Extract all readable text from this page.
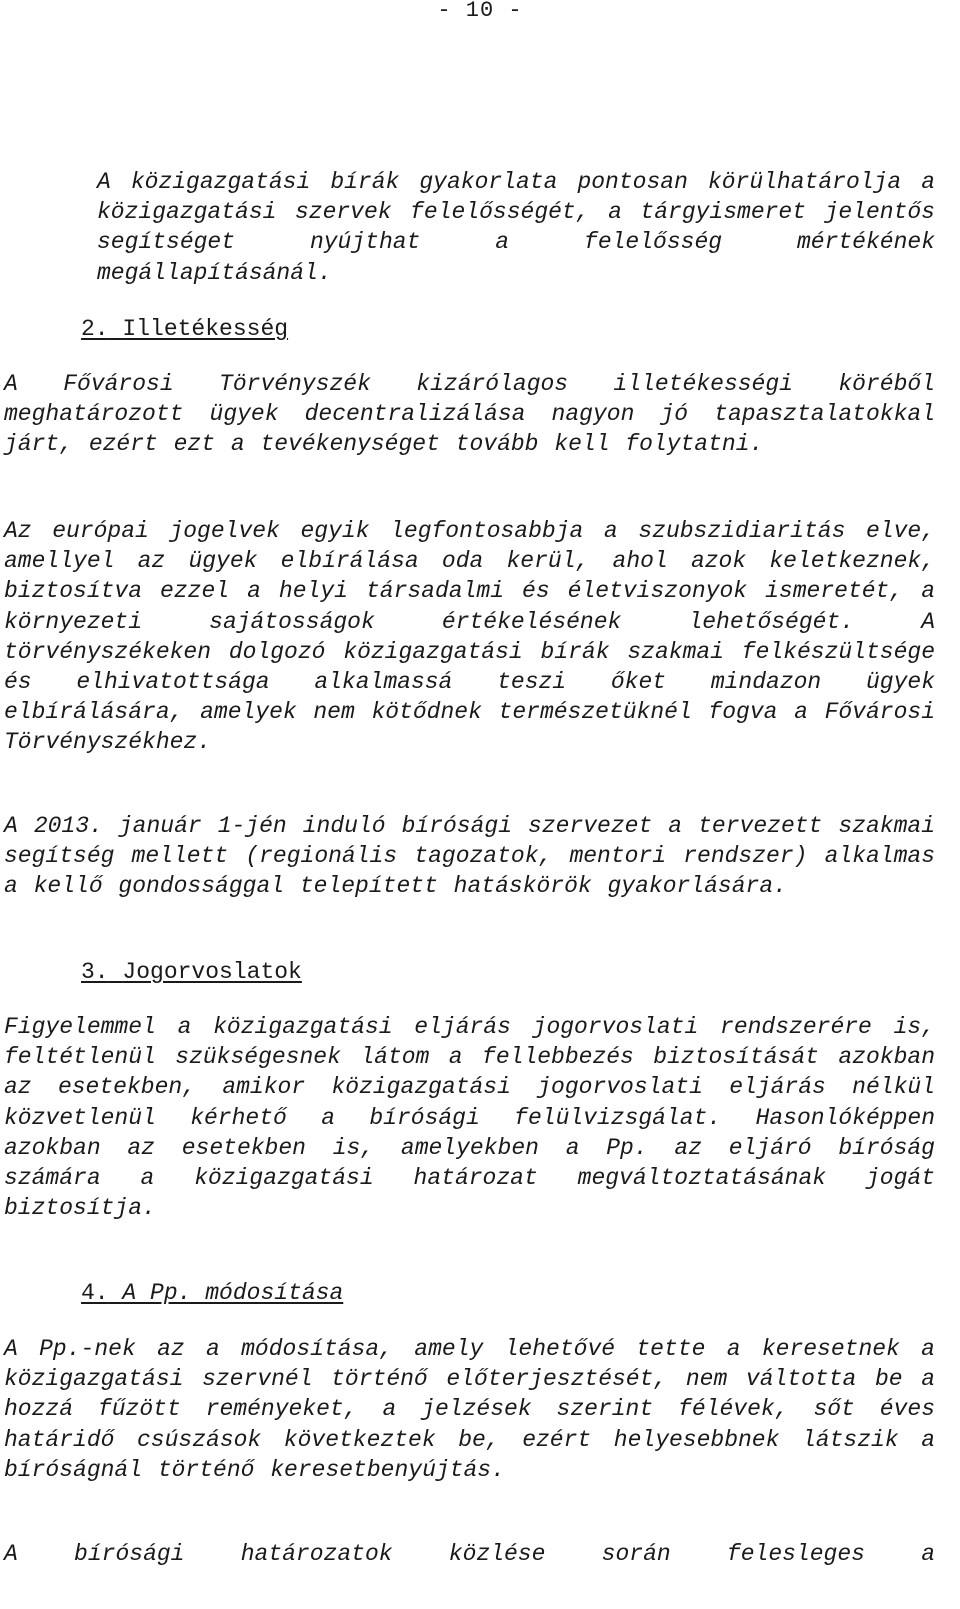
- 10 -

A közigazgatási bírák gyakorlata pontosan körülhatárolja a közigazgatási szervek felelősségét, a tárgyismeret jelentős segítséget nyújthat a felelősség mértékének megállapításánál.

2. Illetékesség

A Fővárosi Törvényszék kizárólagos illetékességi köréből meghatározott ügyek decentralizálása nagyon jó tapasztalatokkal járt, ezért ezt a tevékenységet tovább kell folytatni.

Az európai jogelvek egyik legfontosabbja a szubszidiaritás elve, amellyel az ügyek elbírálása oda kerül, ahol azok keletkeznek, biztosítva ezzel a helyi társadalmi és életviszonyok ismeretét, a környezeti sajátosságok értékelésének lehetőségét. A törvényszékeken dolgozó közigazgatási bírák szakmai felkészültsége és elhivatottsága alkalmassá teszi őket mindazon ügyek elbírálására, amelyek nem kötődnek természetüknél fogva a Fővárosi Törvényszékhez.

A 2013. január 1-jén induló bírósági szervezet a tervezett szakmai segítség mellett (regionális tagozatok, mentori rendszer) alkalmas a kellő gondossággal telepített hatáskörök gyakorlására.

3. Jogorvoslatok

Figyelemmel a közigazgatási eljárás jogorvoslati rendszerére is, feltétlenül szükségesnek látom a fellebbezés biztosítását azokban az esetekben, amikor közigazgatási jogorvoslati eljárás nélkül közvetlenül kérhető a bírósági felülvizsgálat. Hasonlóképpen azokban az esetekben is, amelyekben a Pp. az eljáró bíróság számára a közigazgatási határozat megváltoztatásának jogát biztosítja.

4. A Pp. módosítása

A Pp.-nek az a módosítása, amely lehetővé tette a keresetnek a közigazgatási szervnél történő előterjesztését, nem váltotta be a hozzá fűzött reményeket, a jelzések szerint félévek, sőt éves határidő csúszások következtek be, ezért helyesebbnek látszik a bíróságnál történő keresetbenyújtás.

A bírósági határozatok közlése során felesleges a
